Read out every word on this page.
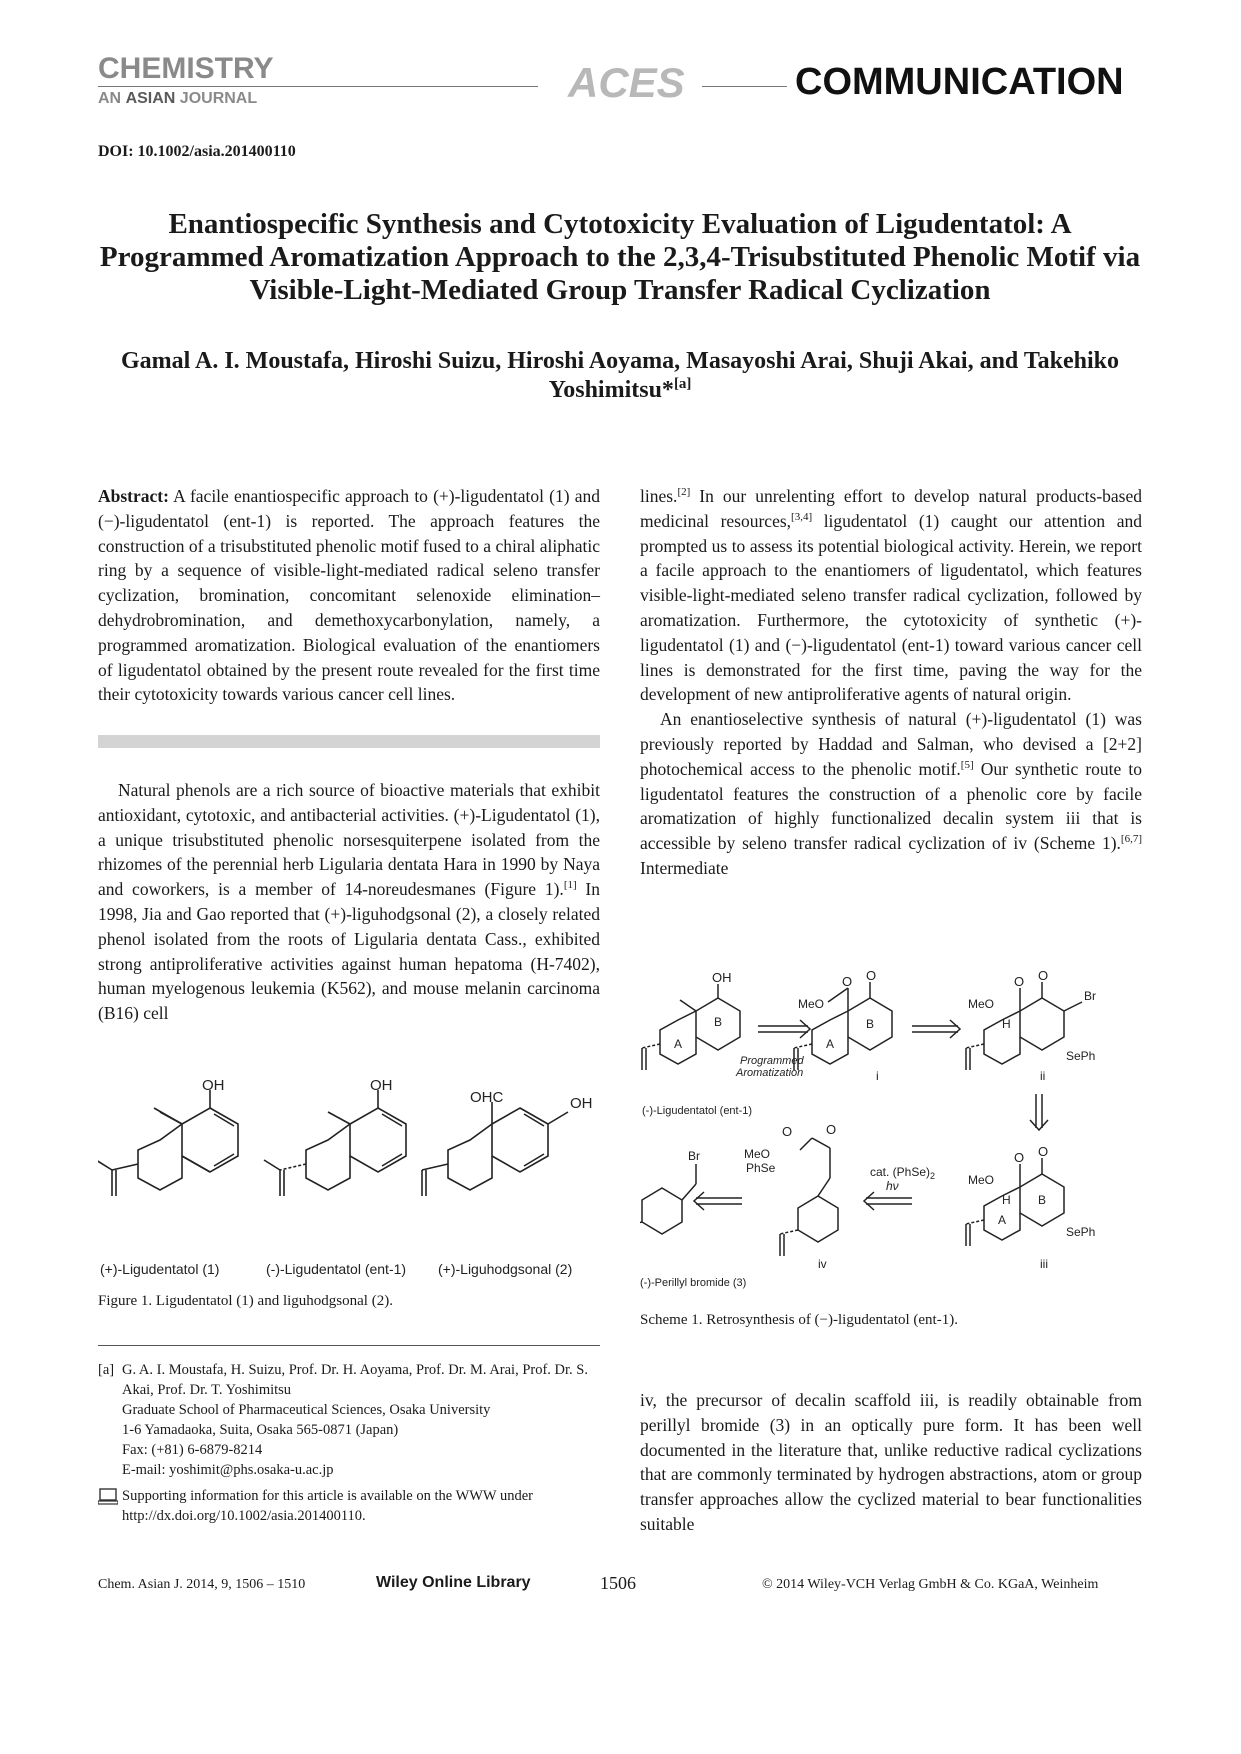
CHEMISTRY
AN ASIAN JOURNAL	ACES	COMMUNICATION
DOI: 10.1002/asia.201400110
Enantiospecific Synthesis and Cytotoxicity Evaluation of Ligudentatol: A Programmed Aromatization Approach to the 2,3,4-Trisubstituted Phenolic Motif via Visible-Light-Mediated Group Transfer Radical Cyclization
Gamal A. I. Moustafa, Hiroshi Suizu, Hiroshi Aoyama, Masayoshi Arai, Shuji Akai, and Takehiko Yoshimitsu*[a]
Abstract: A facile enantiospecific approach to (+)-ligudentatol (1) and (−)-ligudentatol (ent-1) is reported. The approach features the construction of a trisubstituted phenolic motif fused to a chiral aliphatic ring by a sequence of visible-light-mediated radical seleno transfer cyclization, bromination, concomitant selenoxide elimination–dehydrobromination, and demethoxycarbonylation, namely, a programmed aromatization. Biological evaluation of the enantiomers of ligudentatol obtained by the present route revealed for the first time their cytotoxicity towards various cancer cell lines.
Natural phenols are a rich source of bioactive materials that exhibit antioxidant, cytotoxic, and antibacterial activities. (+)-Ligudentatol (1), a unique trisubstituted phenolic norsesquiterpene isolated from the rhizomes of the perennial herb Ligularia dentata Hara in 1990 by Naya and coworkers, is a member of 14-noreudesmanes (Figure 1).[1] In 1998, Jia and Gao reported that (+)-liguhodgsonal (2), a closely related phenol isolated from the roots of Ligularia dentata Cass., exhibited strong antiproliferative activities against human hepatoma (H-7402), human myelogenous leukemia (K562), and mouse melanin carcinoma (B16) cell
OH	OH
OHC	OH
(+)-Ligudentatol (1)	(-)-Ligudentatol (ent-1) (+)-Liguhodgsonal (2)
Figure 1. Ligudentatol (1) and liguhodgsonal (2).
[a] G. A. I. Moustafa, H. Suizu, Prof. Dr. H. Aoyama, Prof. Dr. M. Arai, Prof. Dr. S. Akai, Prof. Dr. T. Yoshimitsu
Graduate School of Pharmaceutical Sciences, Osaka University
1-6 Yamadaoka, Suita, Osaka 565-0871 (Japan)
Fax: (+81) 6-6879-8214
E-mail: yoshimit@phs.osaka-u.ac.jp
Supporting information for this article is available on the WWW under http://dx.doi.org/10.1002/asia.201400110.
lines.[2] In our unrelenting effort to develop natural products-based medicinal resources,[3,4] ligudentatol (1) caught our attention and prompted us to assess its potential biological activity. Herein, we report a facile approach to the enantiomers of ligudentatol, which features visible-light-mediated seleno transfer radical cyclization, followed by aromatization. Furthermore, the cytotoxicity of synthetic (+)-ligudentatol (1) and (−)-ligudentatol (ent-1) toward various cancer cell lines is demonstrated for the first time, paving the way for the development of new antiproliferative agents of natural origin.
An enantioselective synthesis of natural (+)-ligudentatol (1) was previously reported by Haddad and Salman, who devised a [2+2] photochemical access to the phenolic motif.[5] Our synthetic route to ligudentatol features the construction of a phenolic core by facile aromatization of highly functionalized decalin system iii that is accessible by seleno transfer radical cyclization of iv (Scheme 1).[6,7] Intermediate
OH
B
A
Programmed
Aromatization
(-)-Ligudentatol (ent-1)
O
O
MeO
B
A
i
O
O
MeO
Br
H
SePh
ii
O
O
MeO
H B
A
SePh
iii
O
O
MeO
PhSe
iv
cat. $(PhSe)_2$
hν
Br
(-)-Perillyl bromide (3)
Scheme 1. Retrosynthesis of (−)-ligudentatol (ent-1).
iv, the precursor of decalin scaffold iii, is readily obtainable from perillyl bromide (3) in an optically pure form. It has been well documented in the literature that, unlike reductive radical cyclizations that are commonly terminated by hydrogen abstractions, atom or group transfer approaches allow the cyclized material to bear functionalities suitable
Chem. Asian J. 2014, 9, 1506 – 1510	Wiley Online Library	1506	© 2014 Wiley-VCH Verlag GmbH & Co. KGaA, Weinheim
